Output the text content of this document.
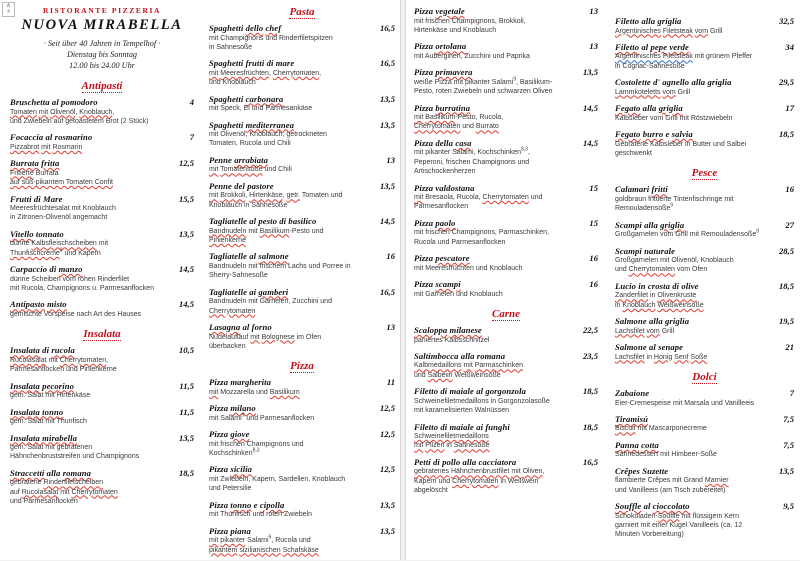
A
4	RISTORANTE PIZZERIA
NUOVA MIRABELLA
· Seit über 40 Jahren in Tempelhof ·
Dienstag bis Sonntag
12.00 bis 24.00 Uhr
Antipasti
Bruschetta al pomodoro	4
Tomaten mit Olivenöl, Knoblauch,
und Zwiebeln auf getoastetem Brot (2 Stück)
Focaccia al rosmarino	7
Pizzabrot mit Rosmarin
Burrata fritta	12,5
Fritierte Burrata
auf süß-pikantem Tomaten Confit
Frutti di Mare	15,5
Meeresfrüchtesalat mit Knoblauch
in Zitronen-Olivenöl angemacht
Vitello tonnato	13,5
dünne Kalbsfleischscheiben mit
Thunfischcreme$^9$ und Kapern
Carpaccio di manzo	14,5
dünne Scheiben vom rohen Rinderfilet
mit Rucola, Champignons u. Parmesanflocken
Antipasto misto	14,5
gemischte Vorspeise nach Art des Hauses
Insalata
Insalata di rucola	10,5
Rucolasalat mit Cherrytomaten,
Parmesanflocken und Pinienkerne
Insalata pecorino	11,5
gem. Salat mit Hirtenkäse
Insalata tonno	11,5
gem. Salat mit Thunfisch
Insalata mirabella	13,5
gem. Salat mit gebratenen
Hähnchenbruststreifen und Champignons
Straccetti alla romana	18,5
gebratene Rinderfiletscheiben
auf Rucolasalat mit Cherrytomaten
und Parmesanflocken
Pasta
Spaghetti dello chef	16,5
mit Champignons und Rinderfiletspitzen
in Sahnesoße
Spaghetti frutti di mare	16,5
mit Meeresfrüchten, Cherrytomaten,
und Knoblauch
Spaghetti carbonara	13,5
mit Speck, Ei und Parmesankäse
Spaghetti mediterranea	13,5
mit Olivenöl, Knoblauch, getrockneten
Tomaten, Rucola und Chili
Penne arrabiata	13
mit Tomatensoße und Chili
Penne del pastore	13,5
mit Brokkoli, Hirtenkäse, getr. Tomaten und
Knoblauch in Sahnesoße
Tagliatelle al pesto di basilico	14,5
Bandnudeln mit Basilikum-Pesto und
Pinienkerne
Tagliatelle al salmone	16
Bandnudeln mit frischem Lachs und Porree in
Sherry-Sahnesoße
Tagliatelle ai gamberi	16,5
Bandnudeln mit Garnelen, Zucchini und
Cherrytomaten
Lasagna al forno	13
Nudelauflauf mit Bolognese im Ofen
überbacken
Pizza
Pizza margherita	11
mit Mozzarella und Basilikum
Pizza milano	12,5
mit Salami$^9$ und Parmesanflocken
Pizza giove	12,5
mit frischen Champignons und
Kochschinken$^{8,3}$
Pizza sicilia	12,5
mit Zwiebeln, Kapern, Sardellen, Knoblauch
und Petersilie
Pizza tonno e cipolla	13,5
mit Thunfisch und roten Zwiebeln
Pizza piana	13,5
mit pikanter Salami$^9$, Rucola und
pikantem sizilianischen Schafskäse
Pizza vegetale	13
mit frischen Champignons, Brokkoli,
Hirtenkäse und Knoblauch
Pizza ortolana	13
mit Auberginen, Zucchini und Paprika
Pizza primavera	13,5
weiße Pizza mit pikanter Salami$^9$, Basilikum-
Pesto, roten Zwiebeln und schwarzen Oliven
Pizza burratina	14,5
mit Basilikum-Pesto, Rucola,
Cherrytomaten und Burrato
Pizza della casa	14,5
mit pikanter Salami, Kochschinken$^{8,3}$,
Peperoni, frischen Champignons und
Artischockenherzen
Pizza valdostana	15
mit Bresaola, Rucola, Cherrytomaten und
Parmesanflocken
Pizza paolo	15
mit frischen Champignons, Parmaschinken,
Rucola und Parmesanflocken
Pizza pescatore	16
mit Meeresfrüchten und Knoblauch
Pizza scampi	16
mit Garnelen und Knoblauch
Carne
Scaloppa milanese	22,5
paniertes Kalbsschnitzel
Saltimbocca alla romana	23,5
Kalbmedaillons mit Parmaschinken
und Salbeiin Weißweinsoße
Filetto di maiale al gorgonzola	18,5
Schweinefiletmedaillons in Gorgonzolasoße
mit karamelisierten Walnüssen
Filetto di maiale ai funghi	18,5
Schweinefiletmedaillons
mit Pilzen in Sahnesoße
Petti di pollo alla cacciatora	16,5
gebratenes Hähnchenbrustfilet mit Oliven,
Kapern und Cherrytomaten in Weißwein
abgelöscht
Filetto alla griglia	32,5
Argentinisches Filetsteak vom Grill
Filetto al pepe verde	34
Argentinisches Filetsteak mit grünem Pfeffer
in Cognac-Sahnesoße
Costolette d' agnello alla griglia	29,5
Lammkoteletts vom Grill
Fegato alla griglia	17
Kalbsleber vom Grill mit Röstzwiebeln
Fegato burro e salvia	18,5
Gebratene Kalbsleber in Butter und Salbei
geschwenkt
Pesce
Calamari fritti	16
goldbraun frittierte Tintenfischringe mit
Remouladensoße$^9$
Scampi alla griglia	27
Großgarnelen vom Grill mit Remouladensoße$^9$
Scampi naturale	28,5
Großgarnelen mit Olivenöl, Knoblauch
und Cherrytomaten vom Ofen
Lucio in crosta di olive	18,5
Zanderfilet in Olivenkruste
in Knoblauch Weißweinsoße
Salmone alla griglia	19,5
Lachsfilet vom Grill
Salmone al senape	21
Lachsfilet in Honig Senf Soße
Dolci
Zabaione	7
Eier-Cremespeise mit Marsala und Vanilleeis
Tiramisú	7,5
Biscuit mit Mascarponecreme
Panna cotta	7,5
Sahnedessert mit Himbeer-Soße
Crêpes Suzette	13,5
flambierte Crêpes mit Grand Marnier
und Vanilleeis (am Tisch zubereitet)
Souffle al cioccolato	9,5
Schokoladen-Souffle mit flüssigem Kern
garniert mit einer Kugel Vanilleeis (ca. 12
Minuten Vorbereitung)
